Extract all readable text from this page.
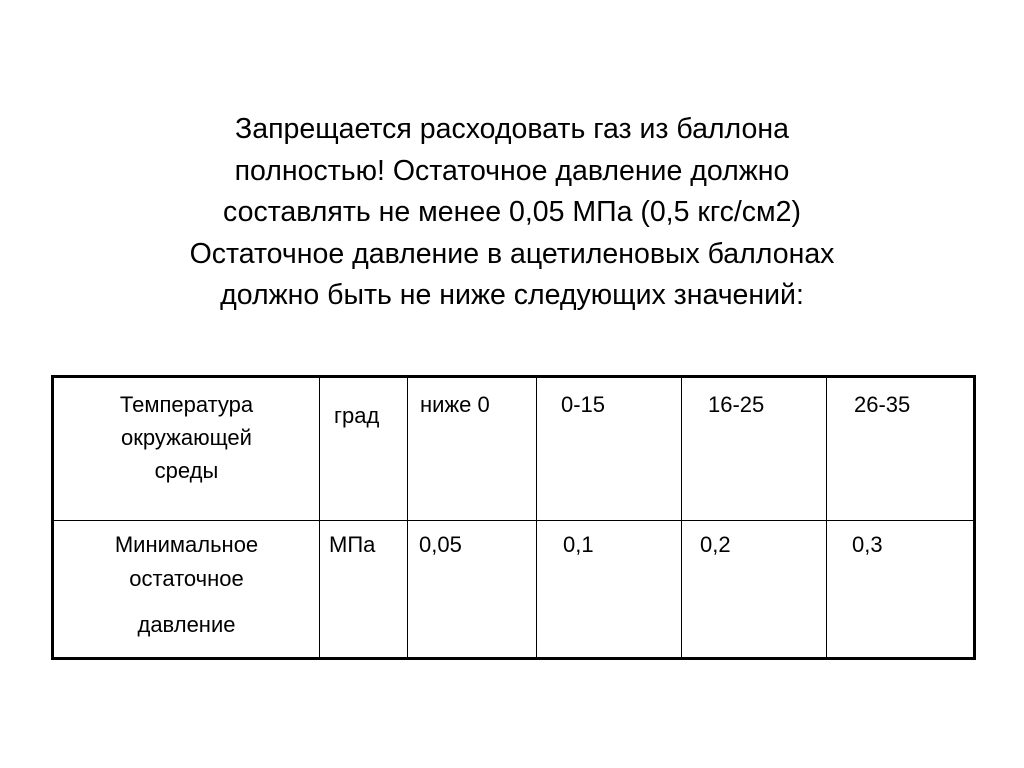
Запрещается расходовать газ из баллона
полностью! Остаточное давление должно
составлять не менее 0,05 МПа (0,5 кгс/см2)
Остаточное давление в ацетиленовых баллонах
должно быть не ниже следующих значений:

Температура
окружающей
среды	град	ниже 0	0-15	16-25	26-35

Минимальное
остаточное
давление	МПа	0,05	0,1	0,2	0,3
